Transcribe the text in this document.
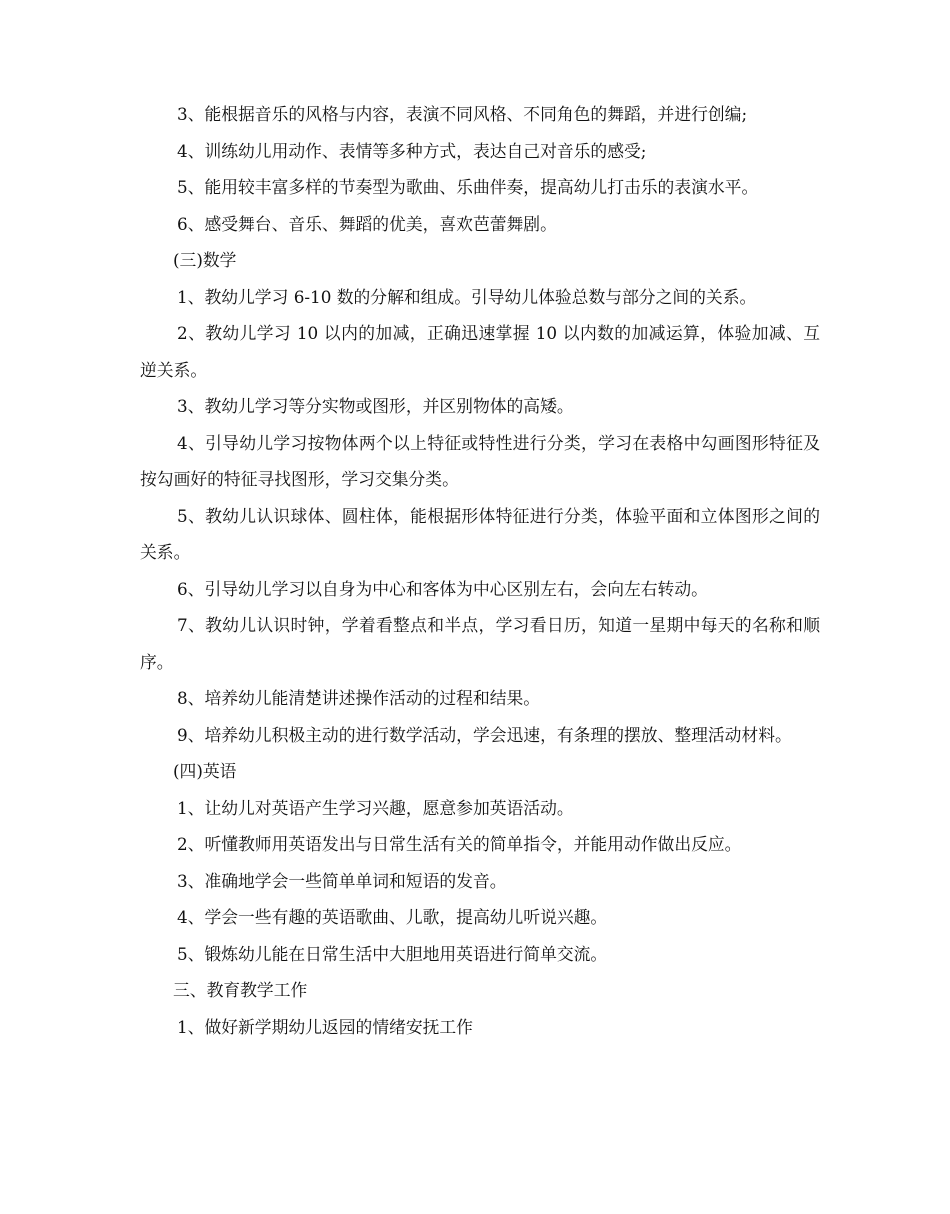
3、能根据音乐的风格与内容，表演不同风格、不同角色的舞蹈，并进行创编;

4、训练幼儿用动作、表情等多种方式，表达自己对音乐的感受;

5、能用较丰富多样的节奏型为歌曲、乐曲伴奏，提高幼儿打击乐的表演水平。

6、感受舞台、音乐、舞蹈的优美，喜欢芭蕾舞剧。

(三)数学

1、教幼儿学习 6-10 数的分解和组成。引导幼儿体验总数与部分之间的关系。

2、教幼儿学习 10 以内的加减，正确迅速掌握 10 以内数的加减运算，体验加减、互逆关系。

3、教幼儿学习等分实物或图形，并区别物体的高矮。

4、引导幼儿学习按物体两个以上特征或特性进行分类，学习在表格中勾画图形特征及按勾画好的特征寻找图形，学习交集分类。

5、教幼儿认识球体、圆柱体，能根据形体特征进行分类，体验平面和立体图形之间的关系。

6、引导幼儿学习以自身为中心和客体为中心区别左右，会向左右转动。

7、教幼儿认识时钟，学着看整点和半点，学习看日历，知道一星期中每天的名称和顺序。

8、培养幼儿能清楚讲述操作活动的过程和结果。

9、培养幼儿积极主动的进行数学活动，学会迅速，有条理的摆放、整理活动材料。

(四)英语

1、让幼儿对英语产生学习兴趣，愿意参加英语活动。

2、听懂教师用英语发出与日常生活有关的简单指令，并能用动作做出反应。

3、准确地学会一些简单单词和短语的发音。

4、学会一些有趣的英语歌曲、儿歌，提高幼儿听说兴趣。

5、锻炼幼儿能在日常生活中大胆地用英语进行简单交流。

三、教育教学工作

1、做好新学期幼儿返园的情绪安抚工作
